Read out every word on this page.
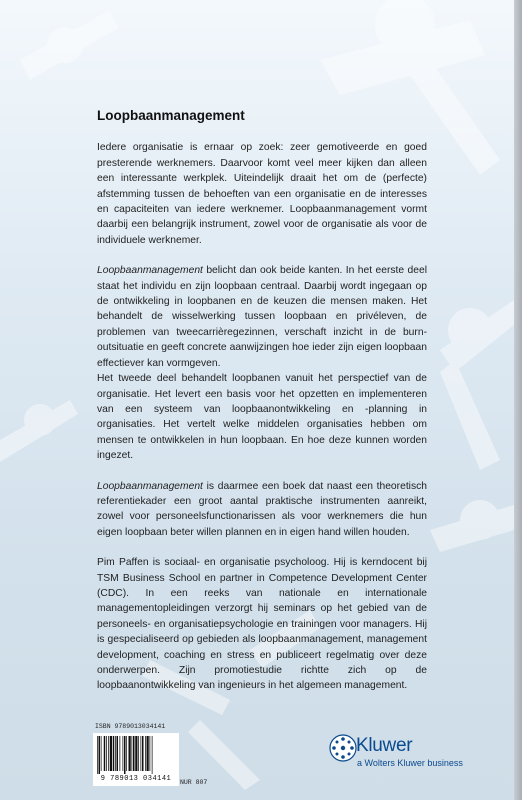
Loopbaanmanagement

Iedere organisatie is ernaar op zoek: zeer gemotiveerde en goed presterende werknemers. Daarvoor komt veel meer kijken dan alleen een interessante werkplek. Uiteindelijk draait het om de (perfecte) afstemming tussen de behoeften van een organisatie en de interesses en capaciteiten van iedere werknemer. Loopbaanmanagement vormt daarbij een belangrijk instrument, zowel voor de organisatie als voor de individuele werknemer.

Loopbaanmanagement belicht dan ook beide kanten. In het eerste deel staat het individu en zijn loopbaan centraal. Daarbij wordt ingegaan op de ontwikkeling in loopbanen en de keuzen die mensen maken. Het behandelt de wisselwerking tussen loopbaan en privéleven, de problemen van tweecarrièregezinnen, verschaft inzicht in de burn-outsituatie en geeft concrete aanwijzingen hoe ieder zijn eigen loopbaan effectiever kan vormgeven.

Het tweede deel behandelt loopbanen vanuit het perspectief van de organisatie. Het levert een basis voor het opzetten en implementeren van een systeem van loopbaanontwikkeling en -planning in organisaties. Het vertelt welke middelen organisaties hebben om mensen te ontwikkelen in hun loopbaan. En hoe deze kunnen worden ingezet.

Loopbaanmanagement is daarmee een boek dat naast een theoretisch referentiekader een groot aantal praktische instrumenten aanreikt, zowel voor personeelsfunctionarissen als voor werknemers die hun eigen loopbaan beter willen plannen en in eigen hand willen houden.

Pim Paffen is sociaal- en organisatie psycholoog. Hij is kerndocent bij TSM Business School en partner in Competence Development Center (CDC). In een reeks van nationale en internationale managementopleidingen verzorgt hij seminars op het gebied van de personeels- en organisatiepsychologie en trainingen voor managers. Hij is gespecialiseerd op gebieden als loopbaanmanagement, management development, coaching en stress en publiceert regelmatig over deze onderwerpen. Zijn promotiestudie richtte zich op de loopbaanontwikkeling van ingenieurs in het algemeen management.

ISBN 9789013034141
9 789013 034141	NUR 807
Kluwer
a Wolters Kluwer business
